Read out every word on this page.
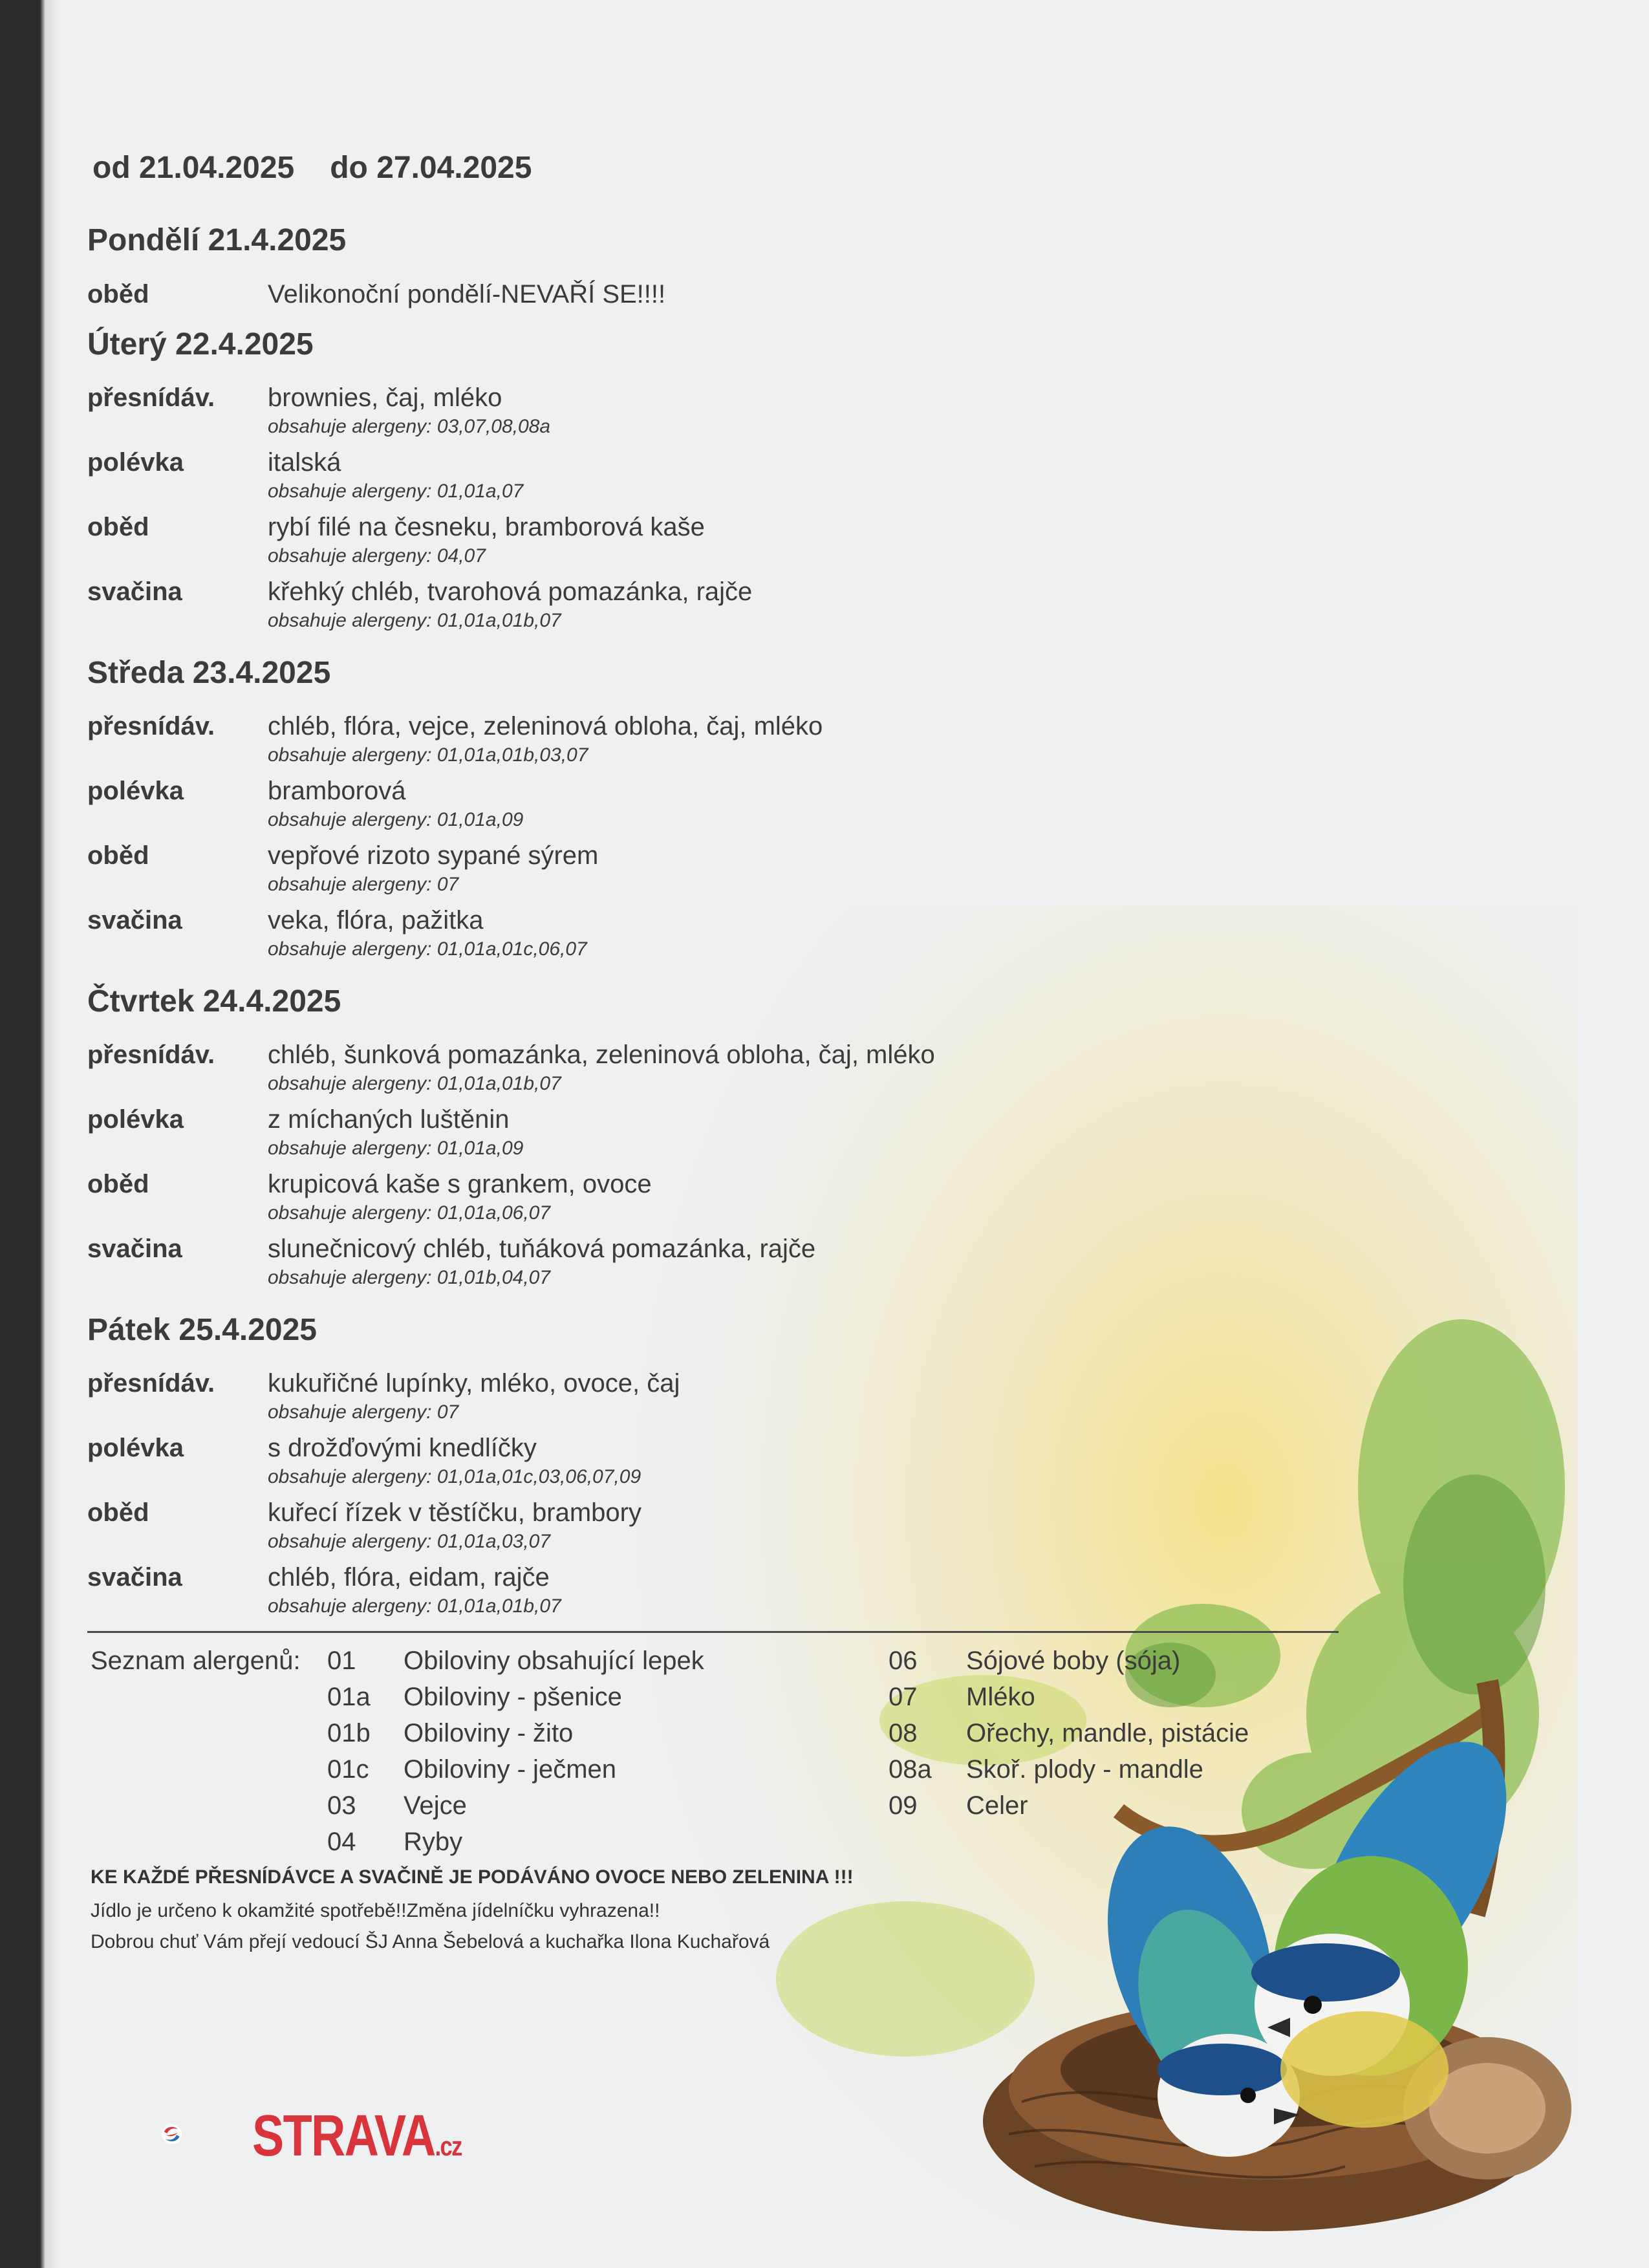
od 21.04.2025 do 27.04.2025
Pondělí 21.4.2025
oběd	Velikonoční pondělí-NEVAŘÍ SE!!!!
Úterý 22.4.2025
přesnídáv. brownies, čaj, mléko
obsahuje alergeny: 03,07,08,08a
polévka	italská
obsahuje alergeny: 01,01a,07
oběd	rybí filé na česneku, bramborová kaše
obsahuje alergeny: 04,07
svačina	křehký chléb, tvarohová pomazánka, rajče
obsahuje alergeny: 01,01a,01b,07
Středa 23.4.2025
přesnídáv. chléb, flóra, vejce, zeleninová obloha, čaj, mléko
obsahuje alergeny: 01,01a,01b,03,07
polévka	bramborová
obsahuje alergeny: 01,01a,09
oběd	vepřové rizoto sypané sýrem
obsahuje alergeny: 07
svačina	veka, flóra, pažitka
obsahuje alergeny: 01,01a,01c,06,07
Čtvrtek 24.4.2025
přesnídáv. chléb, šunková pomazánka, zeleninová obloha, čaj, mléko
obsahuje alergeny: 01,01a,01b,07
polévka	z míchaných luštěnin
obsahuje alergeny: 01,01a,09
oběd	krupicová kaše s grankem, ovoce
obsahuje alergeny: 01,01a,06,07
svačina	slunečnicový chléb, tuňáková pomazánka, rajče
obsahuje alergeny: 01,01b,04,07
Pátek 25.4.2025
přesnídáv. kukuřičné lupínky, mléko, ovoce, čaj
obsahuje alergeny: 07
polévka	s drožďovými knedlíčky
obsahuje alergeny: 01,01a,01c,03,06,07,09
oběd	kuřecí řízek v těstíčku, brambory
obsahuje alergeny: 01,01a,03,07
svačina	chléb, flóra, eidam, rajče
obsahuje alergeny: 01,01a,01b,07
Seznam alergenů: 01 Obiloviny obsahující lepek
01a Obiloviny - pšenice
01b Obiloviny - žito
01c Obiloviny - ječmen
03 Vejce
04 Ryby
06 Sójové boby (sója)
07 Mléko
08 Ořechy, mandle, pistácie
08a Skoř. plody - mandle
09 Celer
KE KAŽDÉ PŘESNÍDÁVCE A SVAČINĚ JE PODÁVÁNO OVOCE NEBO ZELENINA !!!
Jídlo je určeno k okamžité spotřebě!!Změna jídelníčku vyhrazena!!
Dobrou chuť Vám přejí vedoucí ŠJ Anna Šebelová a kuchařka Ilona Kuchařová
STRAVA.cz
